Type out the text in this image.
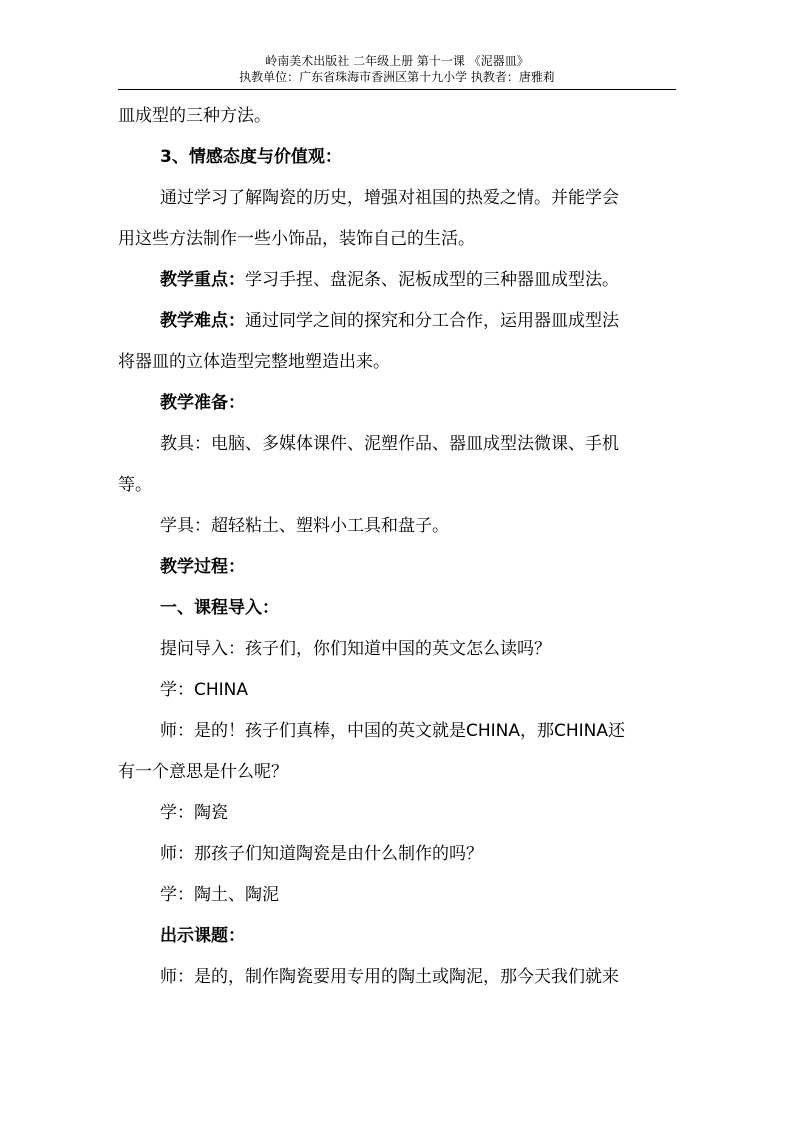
岭南美术出版社 二年级上册 第十一课 《泥器皿》
执教单位：广东省珠海市香洲区第十九小学 执教者：唐雅莉

皿成型的三种方法。

3、情感态度与价值观：

通过学习了解陶瓷的历史，增强对祖国的热爱之情。并能学会

用这些方法制作一些小饰品，装饰自己的生活。

教学重点：学习手捏、盘泥条、泥板成型的三种器皿成型法。

教学难点：通过同学之间的探究和分工合作，运用器皿成型法

将器皿的立体造型完整地塑造出来。

教学准备：

教具：电脑、多媒体课件、泥塑作品、器皿成型法微课、手机

等。

学具：超轻粘土、塑料小工具和盘子。

教学过程：

一、课程导入：

提问导入：孩子们，你们知道中国的英文怎么读吗？

学：CHINA

师：是的！孩子们真棒，中国的英文就是CHINA，那CHINA还

有一个意思是什么呢？

学：陶瓷

师：那孩子们知道陶瓷是由什么制作的吗？

学：陶土、陶泥

出示课题：

师：是的，制作陶瓷要用专用的陶土或陶泥，那今天我们就来
